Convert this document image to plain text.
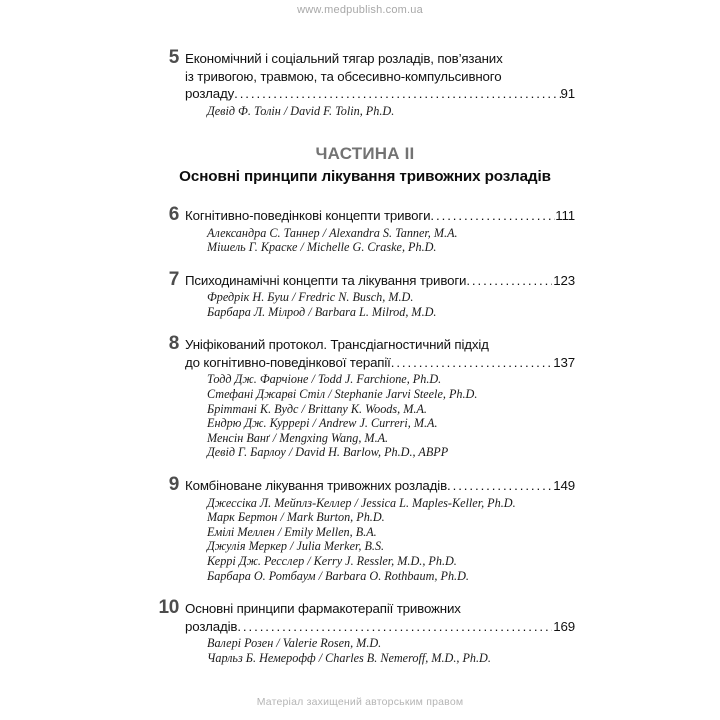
www.medpublish.com.ua
5 Економічний і соціальний тягар розладів, пов’язаних
із тривогою, травмою, та обсесивно-компульсивного
розладу .....	91
Девід Ф. Толін / David F. Tolin, Ph.D.
ЧАСТИНА II
Основні принципи лікування тривожних розладів
6 Когнітивно-поведінкові концепти тривоги .....	111
Александра С. Таннер / Alexandra S. Tanner, M.A.
Мішель Г. Краске / Michelle G. Craske, Ph.D.
7 Психодинамічні концепти та лікування тривоги .....	123
Фредрік Н. Буш / Fredric N. Busch, M.D.
Барбара Л. Мілрод / Barbara L. Milrod, M.D.
8 Уніфікований протокол. Трансдіагностичний підхід
до когнітивно-поведінкової терапії .....	137
Тодд Дж. Фарчіоне / Todd J. Farchione, Ph.D.
Стефані Джарві Стіл / Stephanie Jarvi Steele, Ph.D.
Бріттані К. Вудс / Brittany K. Woods, M.A.
Ендрю Дж. Куррері / Andrew J. Curreri, M.A.
Менсін Ванґ / Mengxing Wang, M.A.
Девід Г. Барлоу / David H. Barlow, Ph.D., ABPP
9 Комбіноване лікування тривожних розладів .....	149
Джессіка Л. Мейплз-Келлер / Jessica L. Maples-Keller, Ph.D.
Марк Бертон / Mark Burton, Ph.D.
Емілі Меллен / Emily Mellen, B.A.
Джулія Меркер / Julia Merker, B.S.
Керрі Дж. Ресслер / Kerry J. Ressler, M.D., Ph.D.
Барбара О. Ротбаум / Barbara O. Rothbaum, Ph.D.
10 Основні принципи фармакотерапії тривожних
розладів .....	169
Валері Розен / Valerie Rosen, M.D.
Чарльз Б. Немерофф / Charles B. Nemeroff, M.D., Ph.D.
Матеріал захищений авторським правом
